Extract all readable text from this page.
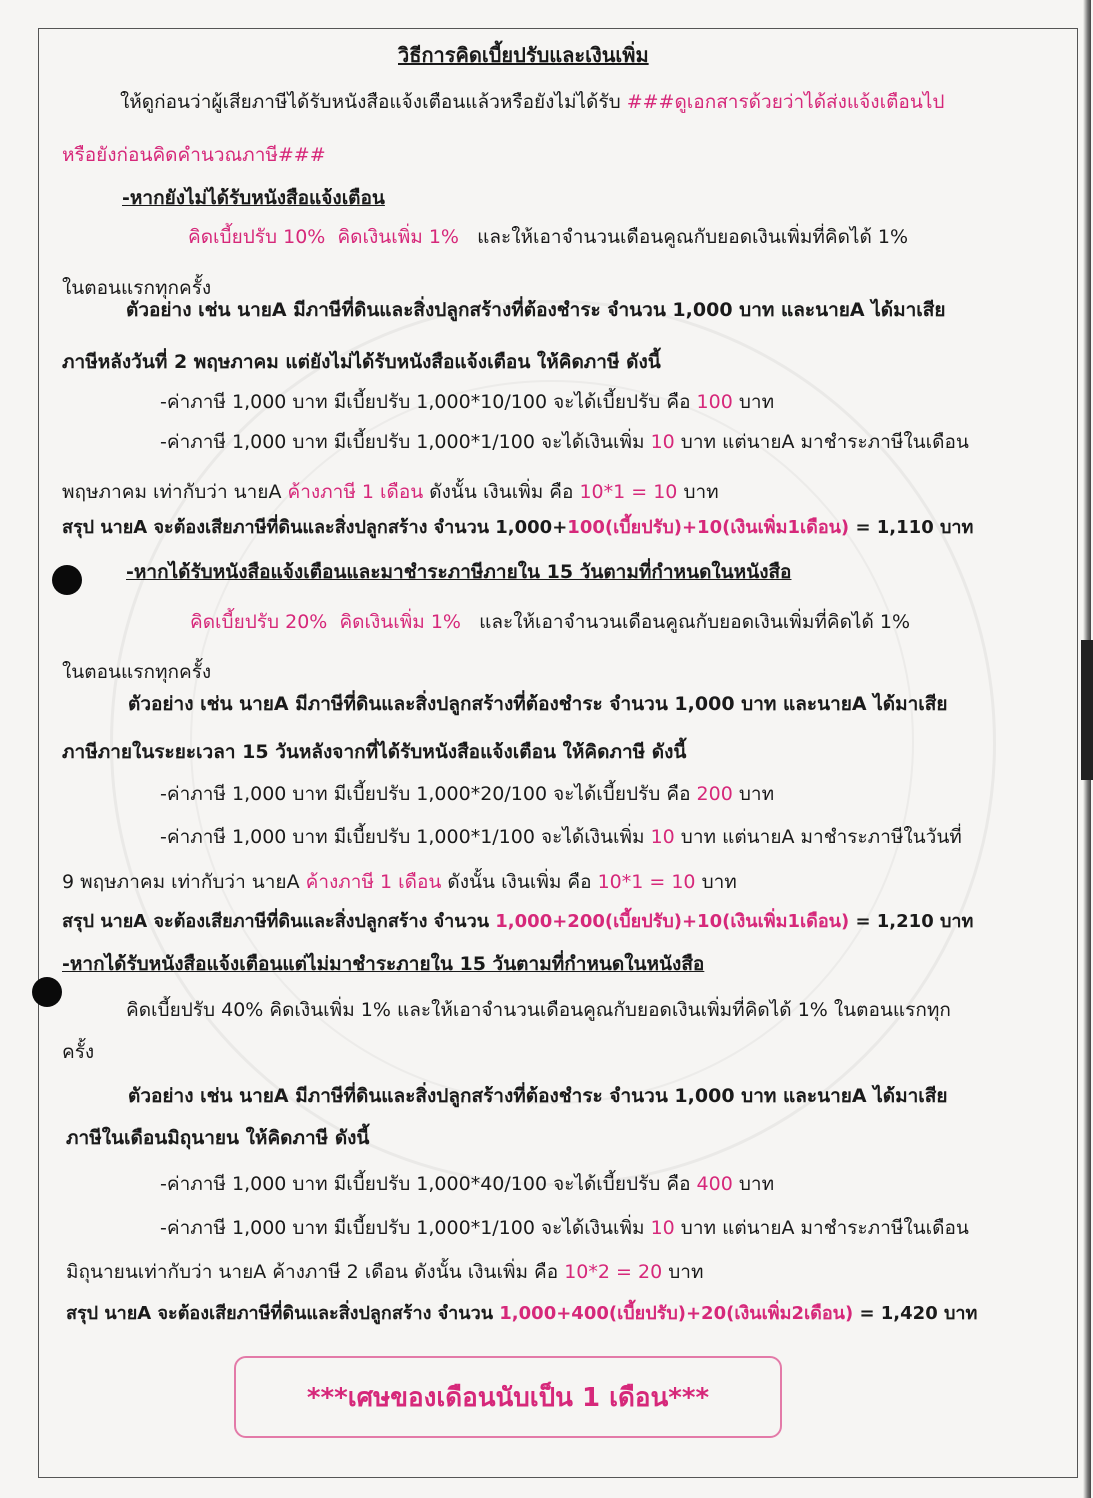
วิธีการคิดเบี้ยปรับและเงินเพิ่ม
ให้ดูก่อนว่าผู้เสียภาษีได้รับหนังสือแจ้งเตือนแล้วหรือยังไม่ได้รับ ###ดูเอกสารด้วยว่าได้ส่งแจ้งเตือนไป
หรือยังก่อนคิดคำนวณภาษี###
-หากยังไม่ได้รับหนังสือแจ้งเตือน
คิดเบี้ยปรับ 10% คิดเงินเพิ่ม 1% และให้เอาจำนวนเดือนคูณกับยอดเงินเพิ่มที่คิดได้ 1%
ในตอนแรกทุกครั้ง
ตัวอย่าง เช่น นายA มีภาษีที่ดินและสิ่งปลูกสร้างที่ต้องชำระ จำนวน 1,000 บาท และนายA ได้มาเสีย
ภาษีหลังวันที่ 2 พฤษภาคม แต่ยังไม่ได้รับหนังสือแจ้งเตือน ให้คิดภาษี ดังนี้
-ค่าภาษี 1,000 บาท มีเบี้ยปรับ 1,000*10/100 จะได้เบี้ยปรับ คือ 100 บาท
-ค่าภาษี 1,000 บาท มีเบี้ยปรับ 1,000*1/100 จะได้เงินเพิ่ม 10 บาท แต่นายA มาชำระภาษีในเดือน
พฤษภาคม เท่ากับว่า นายA ค้างภาษี 1 เดือน ดังนั้น เงินเพิ่ม คือ 10*1 = 10 บาท
สรุป นายA จะต้องเสียภาษีที่ดินและสิ่งปลูกสร้าง จำนวน 1,000+100(เบี้ยปรับ)+10(เงินเพิ่ม1เดือน) = 1,110 บาท
-หากได้รับหนังสือแจ้งเตือนและมาชำระภาษีภายใน 15 วันตามที่กำหนดในหนังสือ
คิดเบี้ยปรับ 20% คิดเงินเพิ่ม 1% และให้เอาจำนวนเดือนคูณกับยอดเงินเพิ่มที่คิดได้ 1%
ในตอนแรกทุกครั้ง
ตัวอย่าง เช่น นายA มีภาษีที่ดินและสิ่งปลูกสร้างที่ต้องชำระ จำนวน 1,000 บาท และนายA ได้มาเสีย
ภาษีภายในระยะเวลา 15 วันหลังจากที่ได้รับหนังสือแจ้งเตือน ให้คิดภาษี ดังนี้
-ค่าภาษี 1,000 บาท มีเบี้ยปรับ 1,000*20/100 จะได้เบี้ยปรับ คือ 200 บาท
-ค่าภาษี 1,000 บาท มีเบี้ยปรับ 1,000*1/100 จะได้เงินเพิ่ม 10 บาท แต่นายA มาชำระภาษีในวันที่
9 พฤษภาคม เท่ากับว่า นายA ค้างภาษี 1 เดือน ดังนั้น เงินเพิ่ม คือ 10*1 = 10 บาท
สรุป นายA จะต้องเสียภาษีที่ดินและสิ่งปลูกสร้าง จำนวน 1,000+200(เบี้ยปรับ)+10(เงินเพิ่ม1เดือน) = 1,210 บาท
-หากได้รับหนังสือแจ้งเตือนแต่ไม่มาชำระภายใน 15 วันตามที่กำหนดในหนังสือ
คิดเบี้ยปรับ 40% คิดเงินเพิ่ม 1% และให้เอาจำนวนเดือนคูณกับยอดเงินเพิ่มที่คิดได้ 1% ในตอนแรกทุก
ครั้ง
ตัวอย่าง เช่น นายA มีภาษีที่ดินและสิ่งปลูกสร้างที่ต้องชำระ จำนวน 1,000 บาท และนายA ได้มาเสีย
ภาษีในเดือนมิถุนายน ให้คิดภาษี ดังนี้
-ค่าภาษี 1,000 บาท มีเบี้ยปรับ 1,000*40/100 จะได้เบี้ยปรับ คือ 400 บาท
-ค่าภาษี 1,000 บาท มีเบี้ยปรับ 1,000*1/100 จะได้เงินเพิ่ม 10 บาท แต่นายA มาชำระภาษีในเดือน
มิถุนายนเท่ากับว่า นายA ค้างภาษี 2 เดือน ดังนั้น เงินเพิ่ม คือ 10*2 = 20 บาท
สรุป นายA จะต้องเสียภาษีที่ดินและสิ่งปลูกสร้าง จำนวน 1,000+400(เบี้ยปรับ)+20(เงินเพิ่ม2เดือน) = 1,420 บาท
***เศษของเดือนนับเป็น 1 เดือน***
